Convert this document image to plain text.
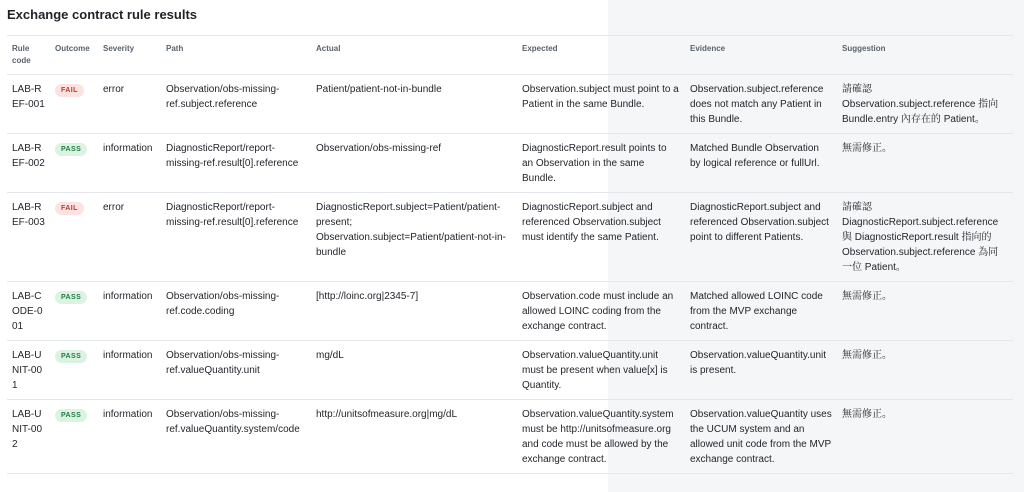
Exchange contract rule results
Rule code	Outcome	Severity	Path	Actual	Expected	Evidence	Suggestion
LAB-REF-001	FAIL	error	Observation/obs-missing-ref.subject.reference	Patient/patient-not-in-bundle	Observation.subject must point to a Patient in the same Bundle.	Observation.subject.reference does not match any Patient in this Bundle.	請確認 Observation.subject.reference 指向 Bundle.entry 內存在的 Patient。
LAB-REF-002	PASS	information	DiagnosticReport/report-missing-ref.result[0].reference	Observation/obs-missing-ref	DiagnosticReport.result points to an Observation in the same Bundle.	Matched Bundle Observation by logical reference or fullUrl.	無需修正。
LAB-REF-003	FAIL	error	DiagnosticReport/report-missing-ref.result[0].reference	DiagnosticReport.subject=Patient/patient-present; Observation.subject=Patient/patient-not-in-bundle	DiagnosticReport.subject and referenced Observation.subject must identify the same Patient.	DiagnosticReport.subject and referenced Observation.subject point to different Patients.	請確認 DiagnosticReport.subject.reference 與 DiagnosticReport.result 指向的 Observation.subject.reference 為同一位 Patient。
LAB-CODE-001	PASS	information	Observation/obs-missing-ref.code.coding	[http://loinc.org|2345-7]	Observation.code must include an allowed LOINC coding from the exchange contract.	Matched allowed LOINC code from the MVP exchange contract.	無需修正。
LAB-UNIT-001	PASS	information	Observation/obs-missing-ref.valueQuantity.unit	mg/dL	Observation.valueQuantity.unit must be present when value[x] is Quantity.	Observation.valueQuantity.unit is present.	無需修正。
LAB-UNIT-002	PASS	information	Observation/obs-missing-ref.valueQuantity.system/code	http://unitsofmeasure.org|mg/dL	Observation.valueQuantity.system must be http://unitsofmeasure.org and code must be allowed by the exchange contract.	Observation.valueQuantity uses the UCUM system and an allowed unit code from the MVP exchange contract.	無需修正。
